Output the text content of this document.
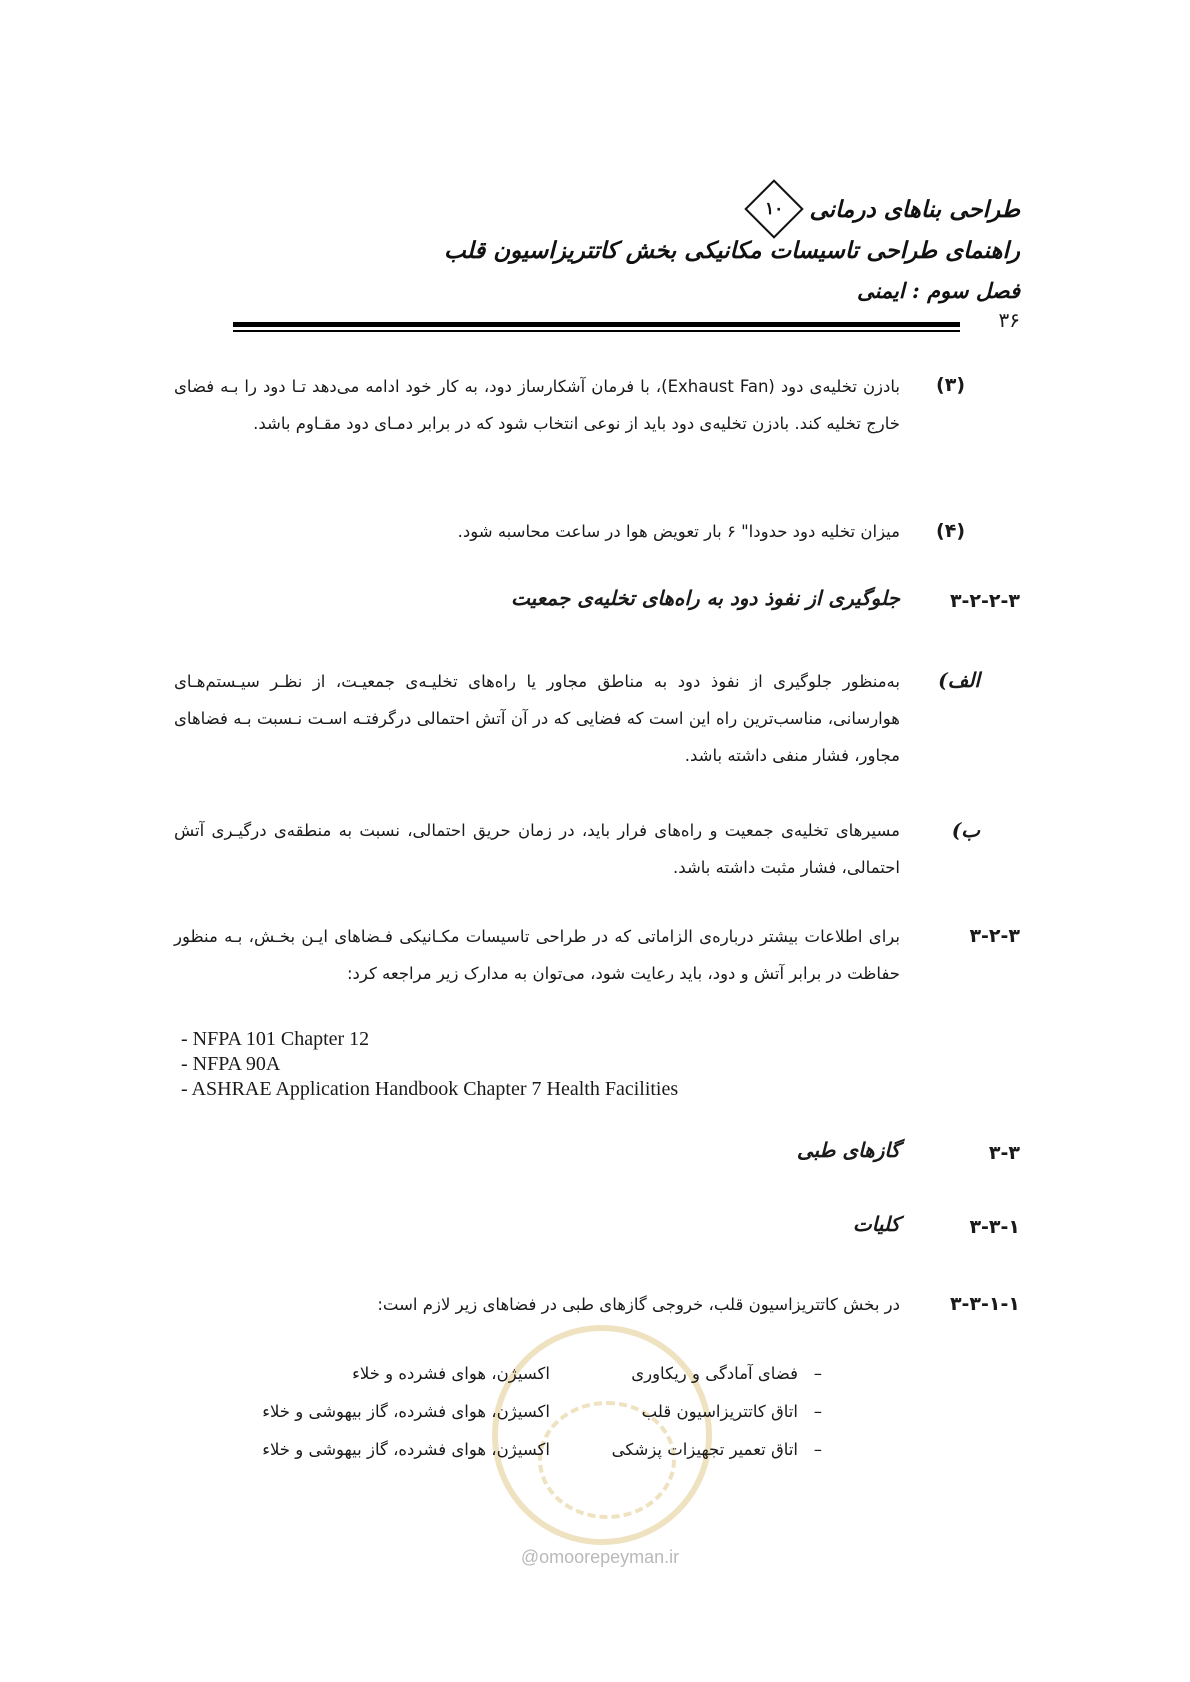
طراحی بناهای درمانی
۱۰
راهنمای طراحی تاسیسات مکانیکی بخش کاتتریزاسیون قلب
فصل سوم : ایمنی
۳۶
(۳)
بادزن تخلیه‌ی دود (Exhaust Fan)، با فرمان آشکارساز دود، به کار خود ادامه می‌دهد تـا دود را بـه فضای خارج تخلیه کند. بادزن تخلیه‌ی دود باید از نوعی انتخاب شود که در برابر دمـای دود مقـاوم باشد.
(۴)
میزان تخلیه دود حدودا" ۶ بار تعویض هوا در ساعت محاسبه شود.
۳-۲-۲-۳
جلوگیری از نفوذ دود به راه‌های تخلیه‌ی جمعیت
الف)
به‌منظور جلوگیری از نفوذ دود به مناطق مجاور یا راه‌های تخلیـه‌ی جمعیـت، از نظـر سیـستم‌هـای هوارسانی، مناسب‌ترین راه این است که فضایی که در آن آتش احتمالی درگرفتـه اسـت نـسبت بـه فضاهای مجاور، فشار منفی داشته باشد.
ب)
مسیرهای تخلیه‌ی جمعیت و راه‌های فرار باید، در زمان حریق احتمالی، نسبت به منطقه‌ی درگیـری آتش احتمالی، فشار مثبت داشته باشد.
۳-۲-۳
برای اطلاعات بیشتر درباره‌ی الزاماتی که در طراحی تاسیسات مکـانیکی فـضاهای ایـن بخـش، بـه منظور حفاظت در برابر آتش و دود، باید رعایت شود، می‌توان به مدارک زیر مراجعه کرد:
- NFPA 101 Chapter 12
- NFPA 90A
- ASHRAE Application Handbook Chapter 7 Health Facilities
۳-۳
گازهای طبی
۳-۳-۱
کلیات
۳-۳-۱-۱
در بخش کاتتریزاسیون قلب، خروجی گازهای طبی در فضاهای زیر لازم است:
@omoorepeyman.ir
–
فضای آمادگی و ریکاوری
اکسیژن، هوای فشرده و خلاء
–
اتاق کاتتریزاسیون قلب
اکسیژن، هوای فشرده، گاز بیهوشی و خلاء
–
اتاق تعمیر تجهیزات پزشکی
اکسیژن، هوای فشرده، گاز بیهوشی و خلاء
